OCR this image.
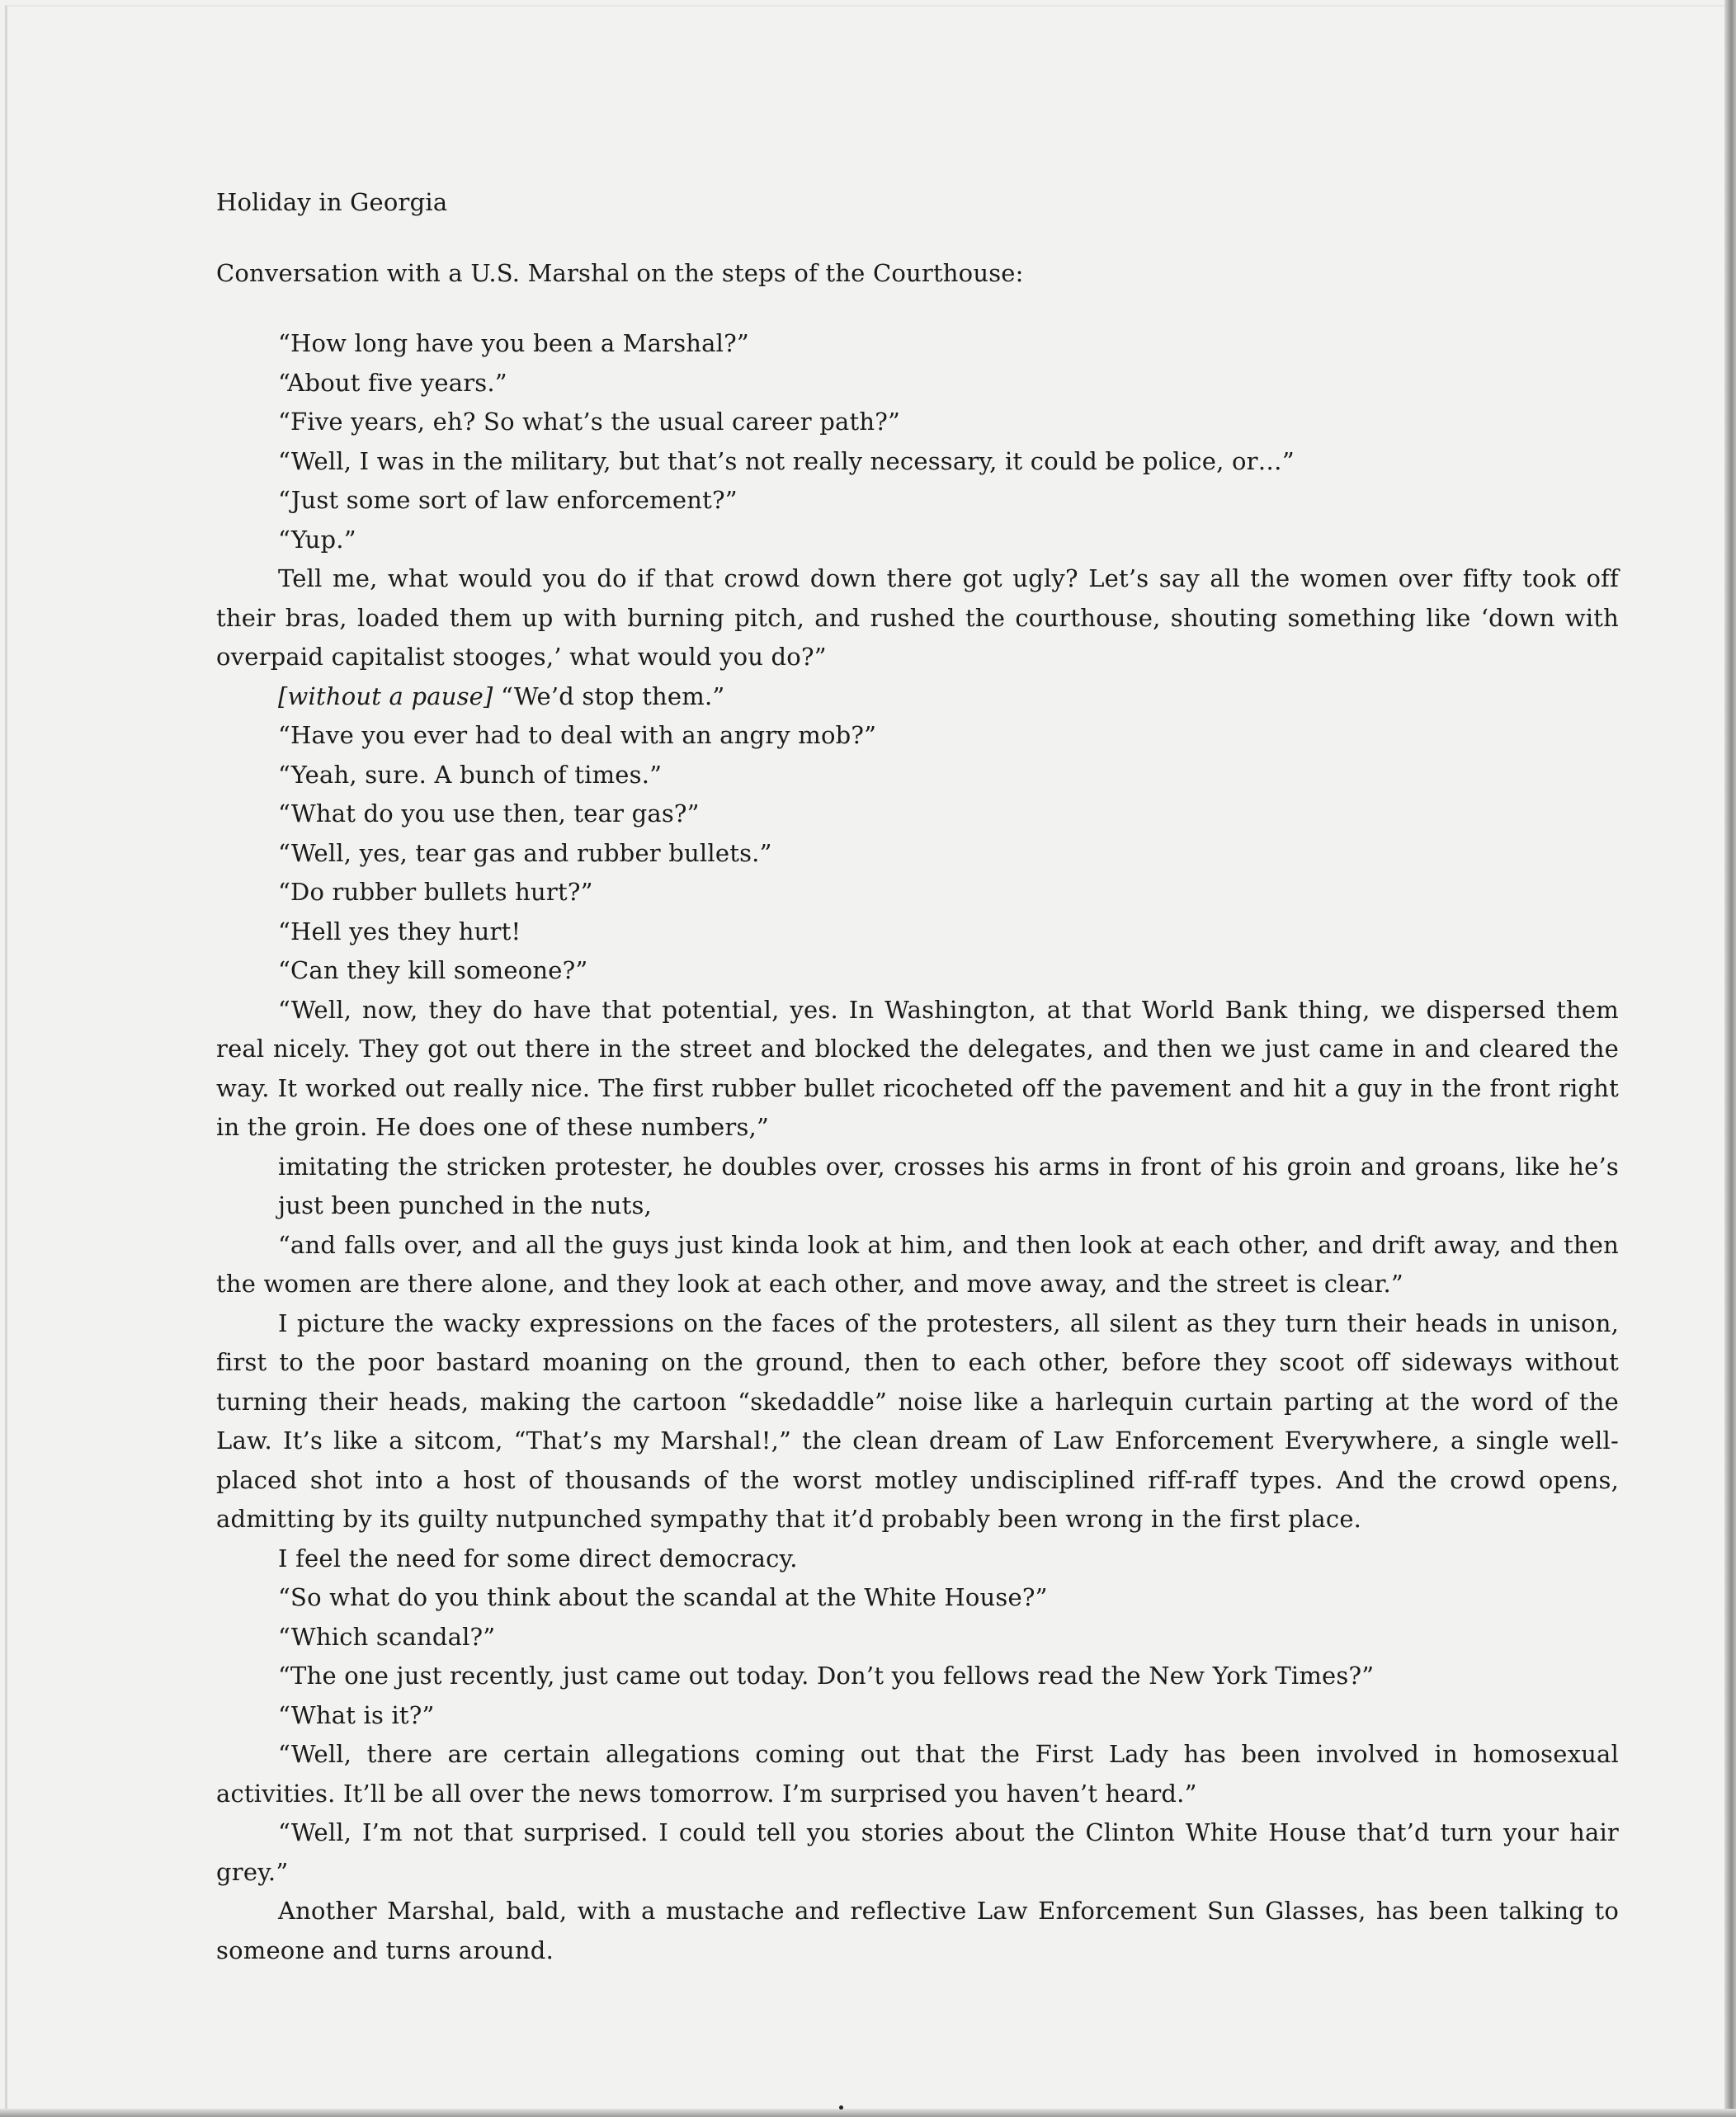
Holiday in Georgia
Conversation with a U.S. Marshal on the steps of the Courthouse:
“How long have you been a Marshal?”
“About five years.”
“Five years, eh? So what’s the usual career path?”
“Well, I was in the military, but that’s not really necessary, it could be police, or…”
“Just some sort of law enforcement?”
“Yup.”
Tell me, what would you do if that crowd down there got ugly? Let’s say all the women over fifty took off their bras, loaded them up with burning pitch, and rushed the courthouse, shouting something like ‘down with overpaid capitalist stooges,’ what would you do?”
[without a pause] “We’d stop them.”
“Have you ever had to deal with an angry mob?”
“Yeah, sure. A bunch of times.”
“What do you use then, tear gas?”
“Well, yes, tear gas and rubber bullets.”
“Do rubber bullets hurt?”
“Hell yes they hurt!
“Can they kill someone?”
“Well, now, they do have that potential, yes. In Washington, at that World Bank thing, we dispersed them real nicely. They got out there in the street and blocked the delegates, and then we just came in and cleared the way. It worked out really nice. The first rubber bullet ricocheted off the pavement and hit a guy in the front right in the groin. He does one of these numbers,”
imitating the stricken protester, he doubles over, crosses his arms in front of his groin and groans, like he’s just been punched in the nuts,
“and falls over, and all the guys just kinda look at him, and then look at each other, and drift away, and then the women are there alone, and they look at each other, and move away, and the street is clear.”
I picture the wacky expressions on the faces of the protesters, all silent as they turn their heads in unison, first to the poor bastard moaning on the ground, then to each other, before they scoot off sideways without turning their heads, making the cartoon “skedaddle” noise like a harlequin curtain parting at the word of the Law. It’s like a sitcom, “That’s my Marshal!,” the clean dream of Law Enforcement Everywhere, a single well-placed shot into a host of thousands of the worst motley undisciplined riff-raff types. And the crowd opens, admitting by its guilty nutpunched sympathy that it’d probably been wrong in the first place.
I feel the need for some direct democracy.
“So what do you think about the scandal at the White House?”
“Which scandal?”
“The one just recently, just came out today. Don’t you fellows read the New York Times?”
“What is it?”
“Well, there are certain allegations coming out that the First Lady has been involved in homosexual activities. It’ll be all over the news tomorrow. I’m surprised you haven’t heard.”
“Well, I’m not that surprised. I could tell you stories about the Clinton White House that’d turn your hair grey.”
Another Marshal, bald, with a mustache and reflective Law Enforcement Sun Glasses, has been talking to someone and turns around.
